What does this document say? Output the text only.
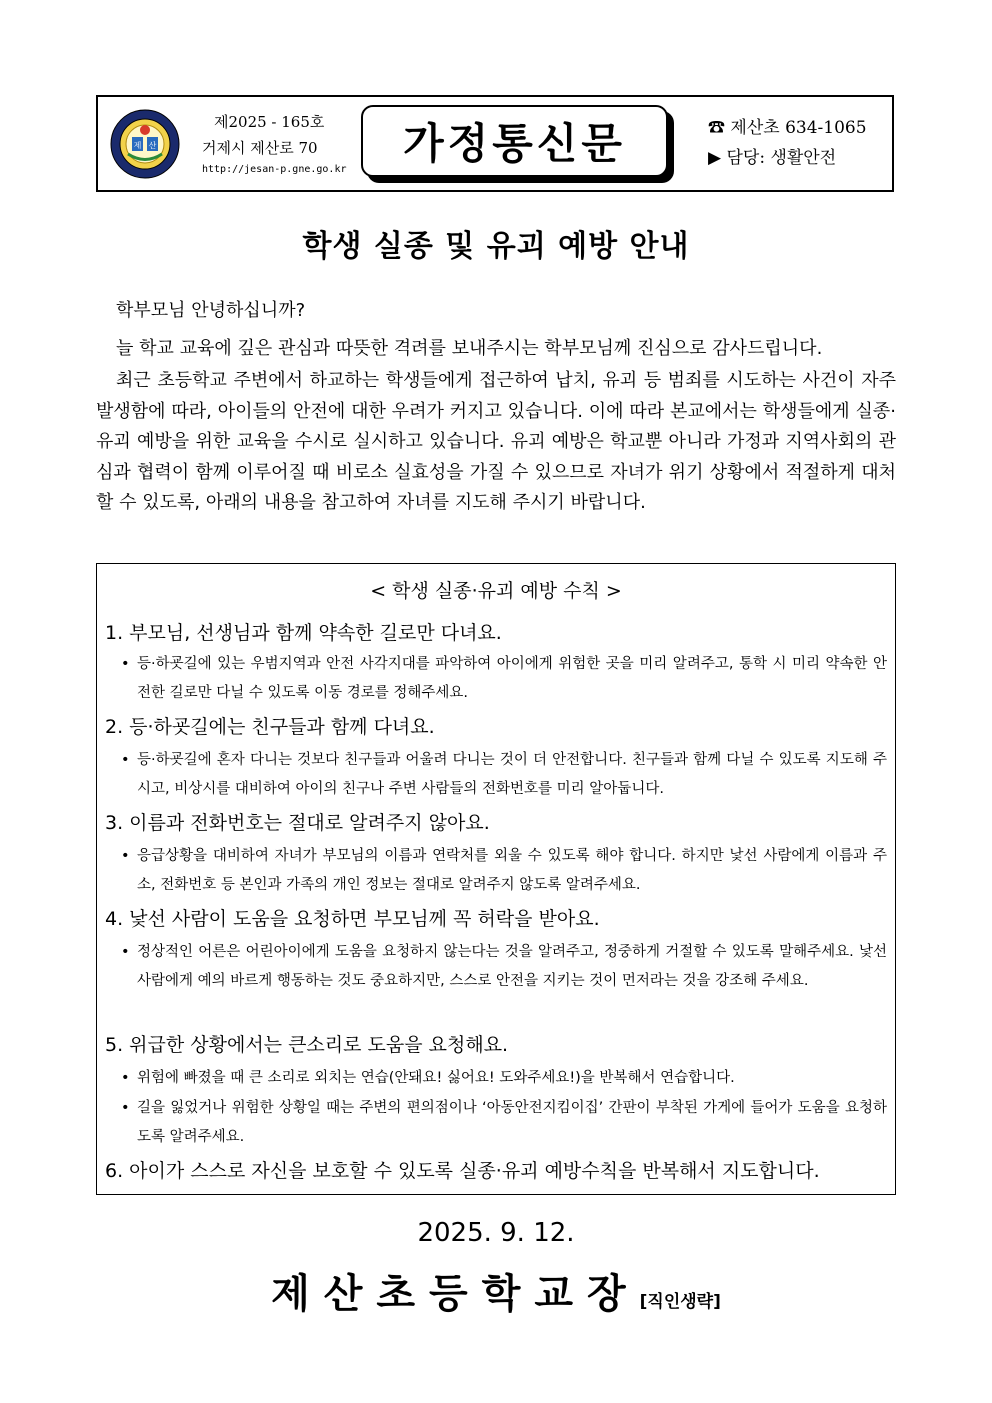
제 산
제2025 - 165호
거제시 제산로 70
http://jesan-p.gne.go.kr
가정통신문	☎ 제산초 634-1065
▶ 담당: 생활안전
학생 실종 및 유괴 예방 안내
학부모님 안녕하십니까?
늘 학교 교육에 깊은 관심과 따뜻한 격려를 보내주시는 학부모님께 진심으로 감사드립니다.
최근 초등학교 주변에서 하교하는 학생들에게 접근하여 납치, 유괴 등 범죄를 시도하는 사건이 자주 발생함에 따라, 아이들의 안전에 대한 우려가 커지고 있습니다. 이에 따라 본교에서는 학생들에게 실종·유괴 예방을 위한 교육을 수시로 실시하고 있습니다. 유괴 예방은 학교뿐 아니라 가정과 지역사회의 관심과 협력이 함께 이루어질 때 비로소 실효성을 가질 수 있으므로 자녀가 위기 상황에서 적절하게 대처할 수 있도록, 아래의 내용을 참고하여 자녀를 지도해 주시기 바랍니다.
< 학생 실종·유괴 예방 수칙 >
1. 부모님, 선생님과 함께 약속한 길로만 다녀요.
• 등·하굣길에 있는 우범지역과 안전 사각지대를 파악하여 아이에게 위험한 곳을 미리 알려주고, 통학 시 미리 약속한 안전한 길로만 다닐 수 있도록 이동 경로를 정해주세요.
2. 등·하굣길에는 친구들과 함께 다녀요.
• 등·하굣길에 혼자 다니는 것보다 친구들과 어울려 다니는 것이 더 안전합니다. 친구들과 함께 다닐 수 있도록 지도해 주시고, 비상시를 대비하여 아이의 친구나 주변 사람들의 전화번호를 미리 알아둡니다.
3. 이름과 전화번호는 절대로 알려주지 않아요.
• 응급상황을 대비하여 자녀가 부모님의 이름과 연락처를 외울 수 있도록 해야 합니다. 하지만 낯선 사람에게 이름과 주소, 전화번호 등 본인과 가족의 개인 정보는 절대로 알려주지 않도록 알려주세요.
4. 낯선 사람이 도움을 요청하면 부모님께 꼭 허락을 받아요.
• 정상적인 어른은 어린아이에게 도움을 요청하지 않는다는 것을 알려주고, 정중하게 거절할 수 있도록 말해주세요. 낯선 사람에게 예의 바르게 행동하는 것도 중요하지만, 스스로 안전을 지키는 것이 먼저라는 것을 강조해 주세요.
5. 위급한 상황에서는 큰소리로 도움을 요청해요.
• 위험에 빠졌을 때 큰 소리로 외치는 연습(안돼요! 싫어요! 도와주세요!)을 반복해서 연습합니다.
• 길을 잃었거나 위험한 상황일 때는 주변의 편의점이나 ‘아동안전지킴이집’ 간판이 부착된 가게에 들어가 도움을 요청하도록 알려주세요.
6. 아이가 스스로 자신을 보호할 수 있도록 실종·유괴 예방수칙을 반복해서 지도합니다.
2025. 9. 12.
제산초등학교장[직인생략]
